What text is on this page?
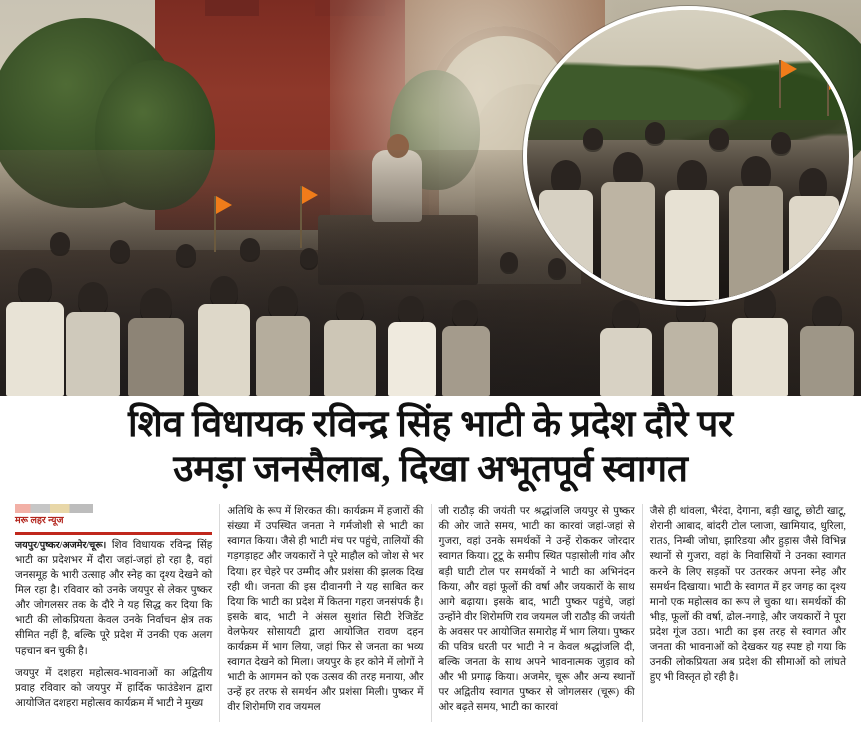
शिव विधायक रविन्द्र सिंह भाटी के प्रदेश दौरे पर
उमड़ा जनसैलाब, दिखा अभूतपूर्व स्वागत
मरू लहर न्यूज

जयपुर/पुष्कर/अजमेर/चूरू। शिव विधायक रविन्द्र सिंह भाटी का प्रदेशभर में दौरा जहां-जहां हो रहा है, वहां जनसमूह के भारी उत्साह और स्नेह का दृश्य देखने को मिल रहा है। रविवार को उनके जयपुर से लेकर पुष्कर और जोगलसर तक के दौरे ने यह सिद्ध कर दिया कि भाटी की लोकप्रियता केवल उनके निर्वाचन क्षेत्र तक सीमित नहीं है, बल्कि पूरे प्रदेश में उनकी एक अलग पहचान बन चुकी है।

जयपुर में दशहरा महोत्सव-भावनाओं का अद्वितीय प्रवाह रविवार को जयपुर में हार्दिक फाउंडेशन द्वारा आयोजित दशहरा महोत्सव कार्यक्रम में भाटी ने मुख्य

अतिथि के रूप में शिरकत की। कार्यक्रम में हजारों की संख्या में उपस्थित जनता ने गर्मजोशी से भाटी का स्वागत किया। जैसे ही भाटी मंच पर पहुंचे, तालियों की गड़गड़ाहट और जयकारों ने पूरे माहौल को जोश से भर दिया। हर चेहरे पर उम्मीद और प्रशंसा की झलक दिख रही थी। जनता की इस दीवानगी ने यह साबित कर दिया कि भाटी का प्रदेश में कितना गहरा जनसंपर्क है। इसके बाद, भाटी ने अंसल सुशांत सिटी रेजिडेंट वेलफेयर सोसायटी द्वारा आयोजित रावण दहन कार्यक्रम में भाग लिया, जहां फिर से जनता का भव्य स्वागत देखने को मिला। जयपुर के हर कोने में लोगों ने भाटी के आगमन को एक उत्सव की तरह मनाया, और उन्हें हर तरफ से समर्थन और प्रशंसा मिली। पुष्कर में वीर शिरोमणि राव जयमल

जी राठौड़ की जयंती पर श्रद्धांजलि जयपुर से पुष्कर की ओर जाते समय, भाटी का कारवां जहां-जहां से गुजरा, वहां उनके समर्थकों ने उन्हें रोककर जोरदार स्वागत किया। टूटू के समीप स्थित पड़ासोली गांव और बड़ी घाटी टोल पर समर्थकों ने भाटी का अभिनंदन किया, और वहां फूलों की वर्षा और जयकारों के साथ आगे बढ़ाया। इसके बाद, भाटी पुष्कर पहुंचे, जहां उन्होंने वीर शिरोमणि राव जयमल जी राठौड़ की जयंती के अवसर पर आयोजित समारोह में भाग लिया। पुष्कर की पवित्र धरती पर भाटी ने न केवल श्रद्धांजलि दी, बल्कि जनता के साथ अपने भावनात्मक जुड़ाव को और भी प्रगाढ़ किया। अजमेर, चूरू और अन्य स्थानों पर अद्वितीय स्वागत पुष्कर से जोगलसर (चूरू) की ओर बढ़ते समय, भाटी का कारवां

जैसे ही थांवला, भैरंदा, देगाना, बड़ी खाटू, छोटी खाटू, शेरानी आबाद, बांदरी टोल प्लाजा, खामियाद, धुरिला, रातऽ, निम्बी जोधा, झारिडया और हुड़ास जैसे विभिन्न स्थानों से गुजरा, वहां के निवासियों ने उनका स्वागत करने के लिए सड़कों पर उतरकर अपना स्नेह और समर्थन दिखाया। भाटी के स्वागत में हर जगह का दृश्य मानो एक महोत्सव का रूप ले चुका था। समर्थकों की भीड़, फूलों की वर्षा, ढोल-नगाड़े, और जयकारों ने पूरा प्रदेश गूंज उठा। भाटी का इस तरह से स्वागत और जनता की भावनाओं को देखकर यह स्पष्ट हो गया कि उनकी लोकप्रियता अब प्रदेश की सीमाओं को लांघते हुए भी विस्तृत हो रही है।
